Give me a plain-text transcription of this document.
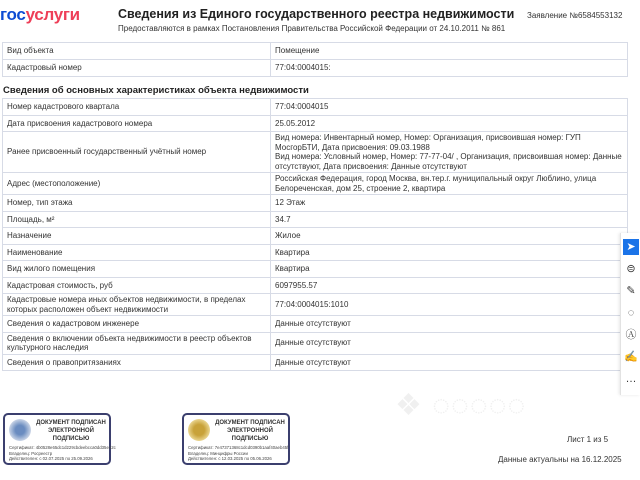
госуслуги	Сведения из Единого государственного реестра недвижимости
Предоставляются в рамках Постановления Правительства Российской Федерации от 24.10.2011 № 861
Заявление №6584553132
Вид объекта	Помещение
Кадастровый номер	77:04:0004015:
Сведения об основных характеристиках объекта недвижимости
Номер кадастрового квартала	77:04:0004015
Дата присвоения кадастрового номера	25.05.2012
Ранее присвоенный государственный учётный номер	Вид номера: Инвентарный номер, Номер: Организация, присвоившая номер: ГУП МосгорБТИ, Дата присвоения: 09.03.1988
Вид номера: Условный номер, Номер: 77-77-04/ , Организация, присвоившая номер: Данные отсутствуют, Дата присвоения: Данные отсутствуют

Адрес (местоположение)	Российская Федерация, город Москва, вн.тер.г. муниципальный округ Люблино, улица Белореченская, дом 25, строение 2, квартира
Номер, тип этажа	12 Этаж
Площадь, м²	34.7
Назначение	Жилое
Наименование	Квартира
Вид жилого помещения	Квартира
Кадастровая стоимость, руб	6097955.57
Кадастровые номера иных объектов недвижимости, в пределах которых расположен объект недвижимости	77:04:0004015:1010
Сведения о кадастровом инженере	Данные отсутствуют
Сведения о включении объекта недвижимости в реестр объектов культурного наследия	Данные отсутствуют
Сведения о правопритязаниях	Данные отсутствуют
❖ ◌◌◌◌◌
ДОКУМЕНТ ПОДПИСАН ЭЛЕКТРОННОЙ ПОДПИСЬЮ
Сертификат: 4b0528e65dc1d229cbdeebcca0dd35ed2c
Владелец: Росреестр
Действителен: с 02.07.2025 по 25.09.2026
ДОКУМЕНТ ПОДПИСАН ЭЛЕКТРОННОЙ ПОДПИСЬЮ
Сертификат: 7e47371368c1dcd0390b1aaf40aeb45f
Владелец: Минцифры России
Действителен: с 12.03.2025 по 05.06.2026
Лист 1 из 5
Данные актуальны на 16.12.2025
➤
⊜
✎
◌
Ⓐ
✍
…
